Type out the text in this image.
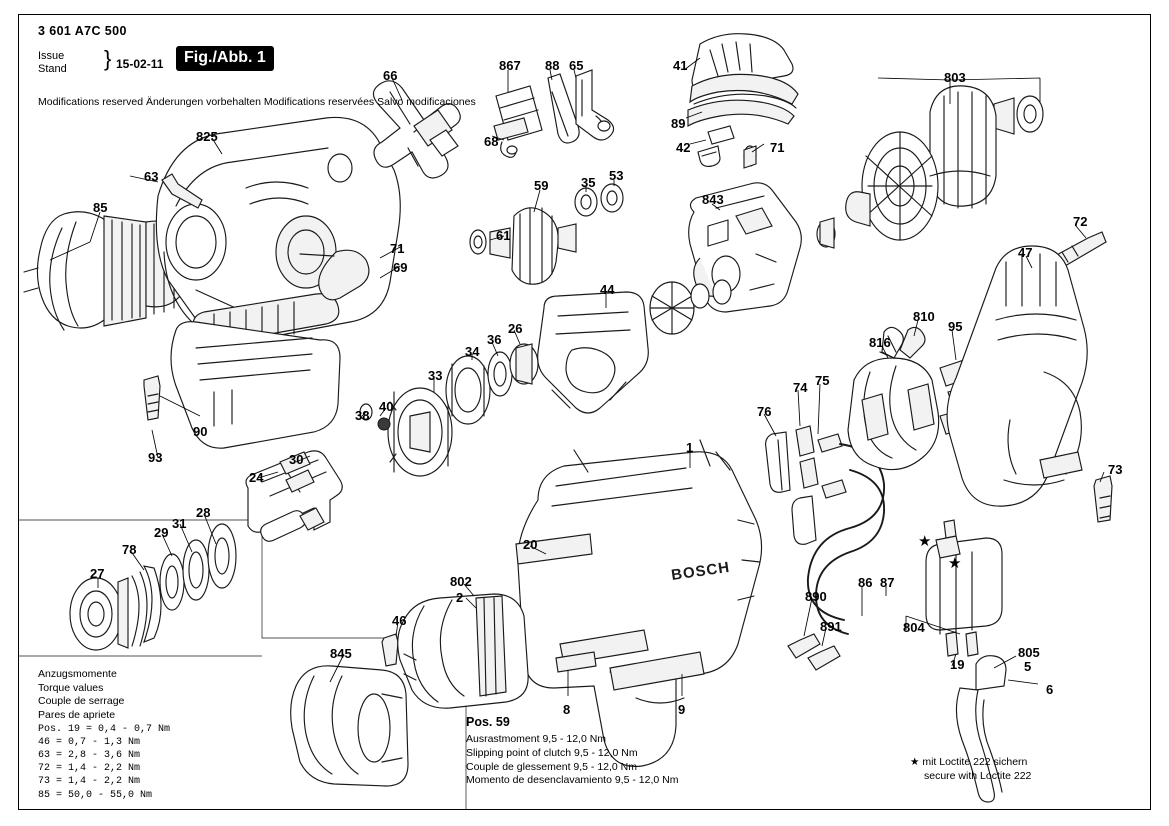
BOSCH
★
★
3 601 A7C 500
Issue
Stand } 15-02-11	Fig./Abb. 1
Modifications reserved Änderungen vorbehalten Modifications reservées Salvo modificaciones
Anzugsmomente
Torque values
Couple de serrage
Pares de apriete
Pos. 19 = 0,4 - 0,7 Nm
46 = 0,7 - 1,3 Nm
63 = 2,8 - 3,6 Nm
72 = 1,4 - 2,2 Nm
73 = 1,4 - 2,2 Nm
85 = 50,0 - 55,0 Nm
Pos. 59
Ausrastmoment 9,5 - 12,0 Nm
Slipping point of clutch 9,5 - 12,0 Nm
Couple de glessement 9,5 - 12,0 Nm
Momento de desenclavamiento 9,5 - 12,0 Nm
★ mit Loctite 222 sichern
secure with Loctite 222
66
867 88 65	41
803
825	68
89
42	71
63	53
35
59
843
85
61
72
47
71
69
44
810
95
26
36	816
34
33
74 75
40
38	76
1
30
93
90
24
73
28
31
29
20
78
27
802
2	890
86 87
891
46	804
845	805
5
19
6
8	9
